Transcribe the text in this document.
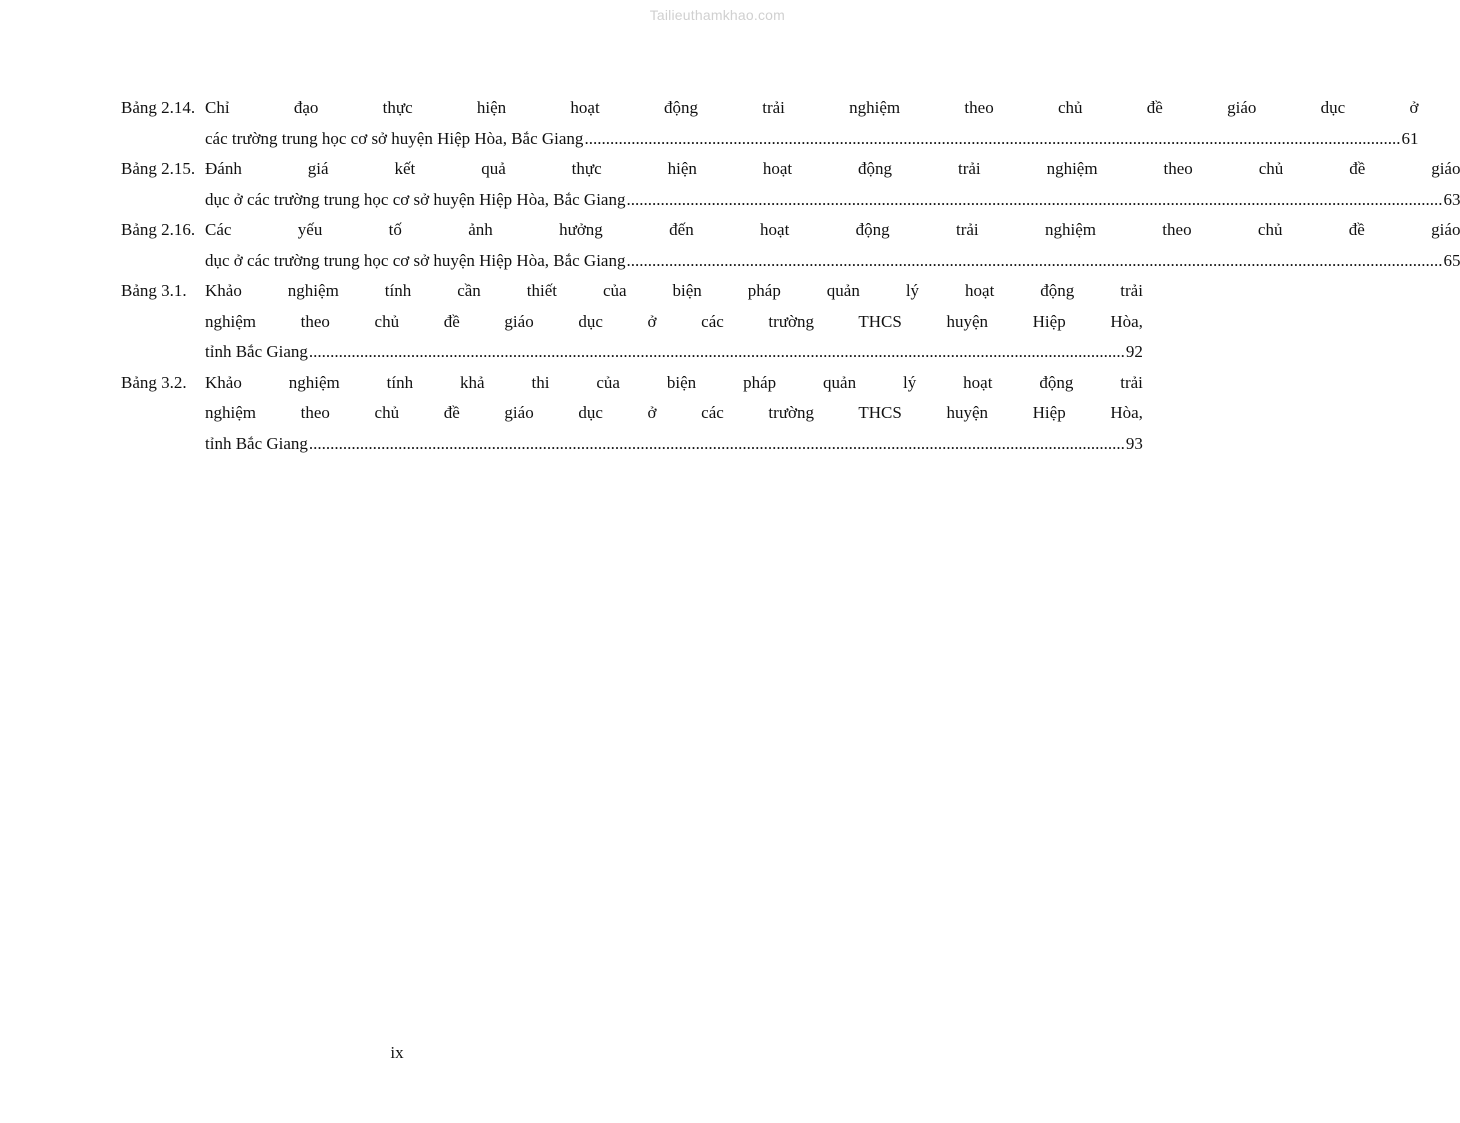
Tailieuthamkhao.com
Bảng 2.14. Chỉ đạo thực hiện hoạt động trải nghiệm theo chủ đề giáo dục ở
các trường trung học cơ sở huyện Hiệp Hòa, Bắc Giang .....	61
Bảng 2.15. Đánh giá kết quả thực hiện hoạt động trải nghiệm theo chủ đề giáo
dục ở các trường trung học cơ sở huyện Hiệp Hòa, Bắc Giang .....	63
Bảng 2.16. Các yếu tố ảnh hưởng đến hoạt động trải nghiệm theo chủ đề giáo
dục ở các trường trung học cơ sở huyện Hiệp Hòa, Bắc Giang .....	65
Bảng 3.1.	Khảo nghiệm tính cần thiết của biện pháp quản lý hoạt động trải
nghiệm theo chủ đề giáo dục ở các trường THCS huyện Hiệp Hòa,
tỉnh Bắc Giang .....	92
Bảng 3.2.	Khảo nghiệm tính khả thi của biện pháp quản lý hoạt động trải
nghiệm theo chủ đề giáo dục ở các trường THCS huyện Hiệp Hòa,
tỉnh Bắc Giang .....	93
ix
